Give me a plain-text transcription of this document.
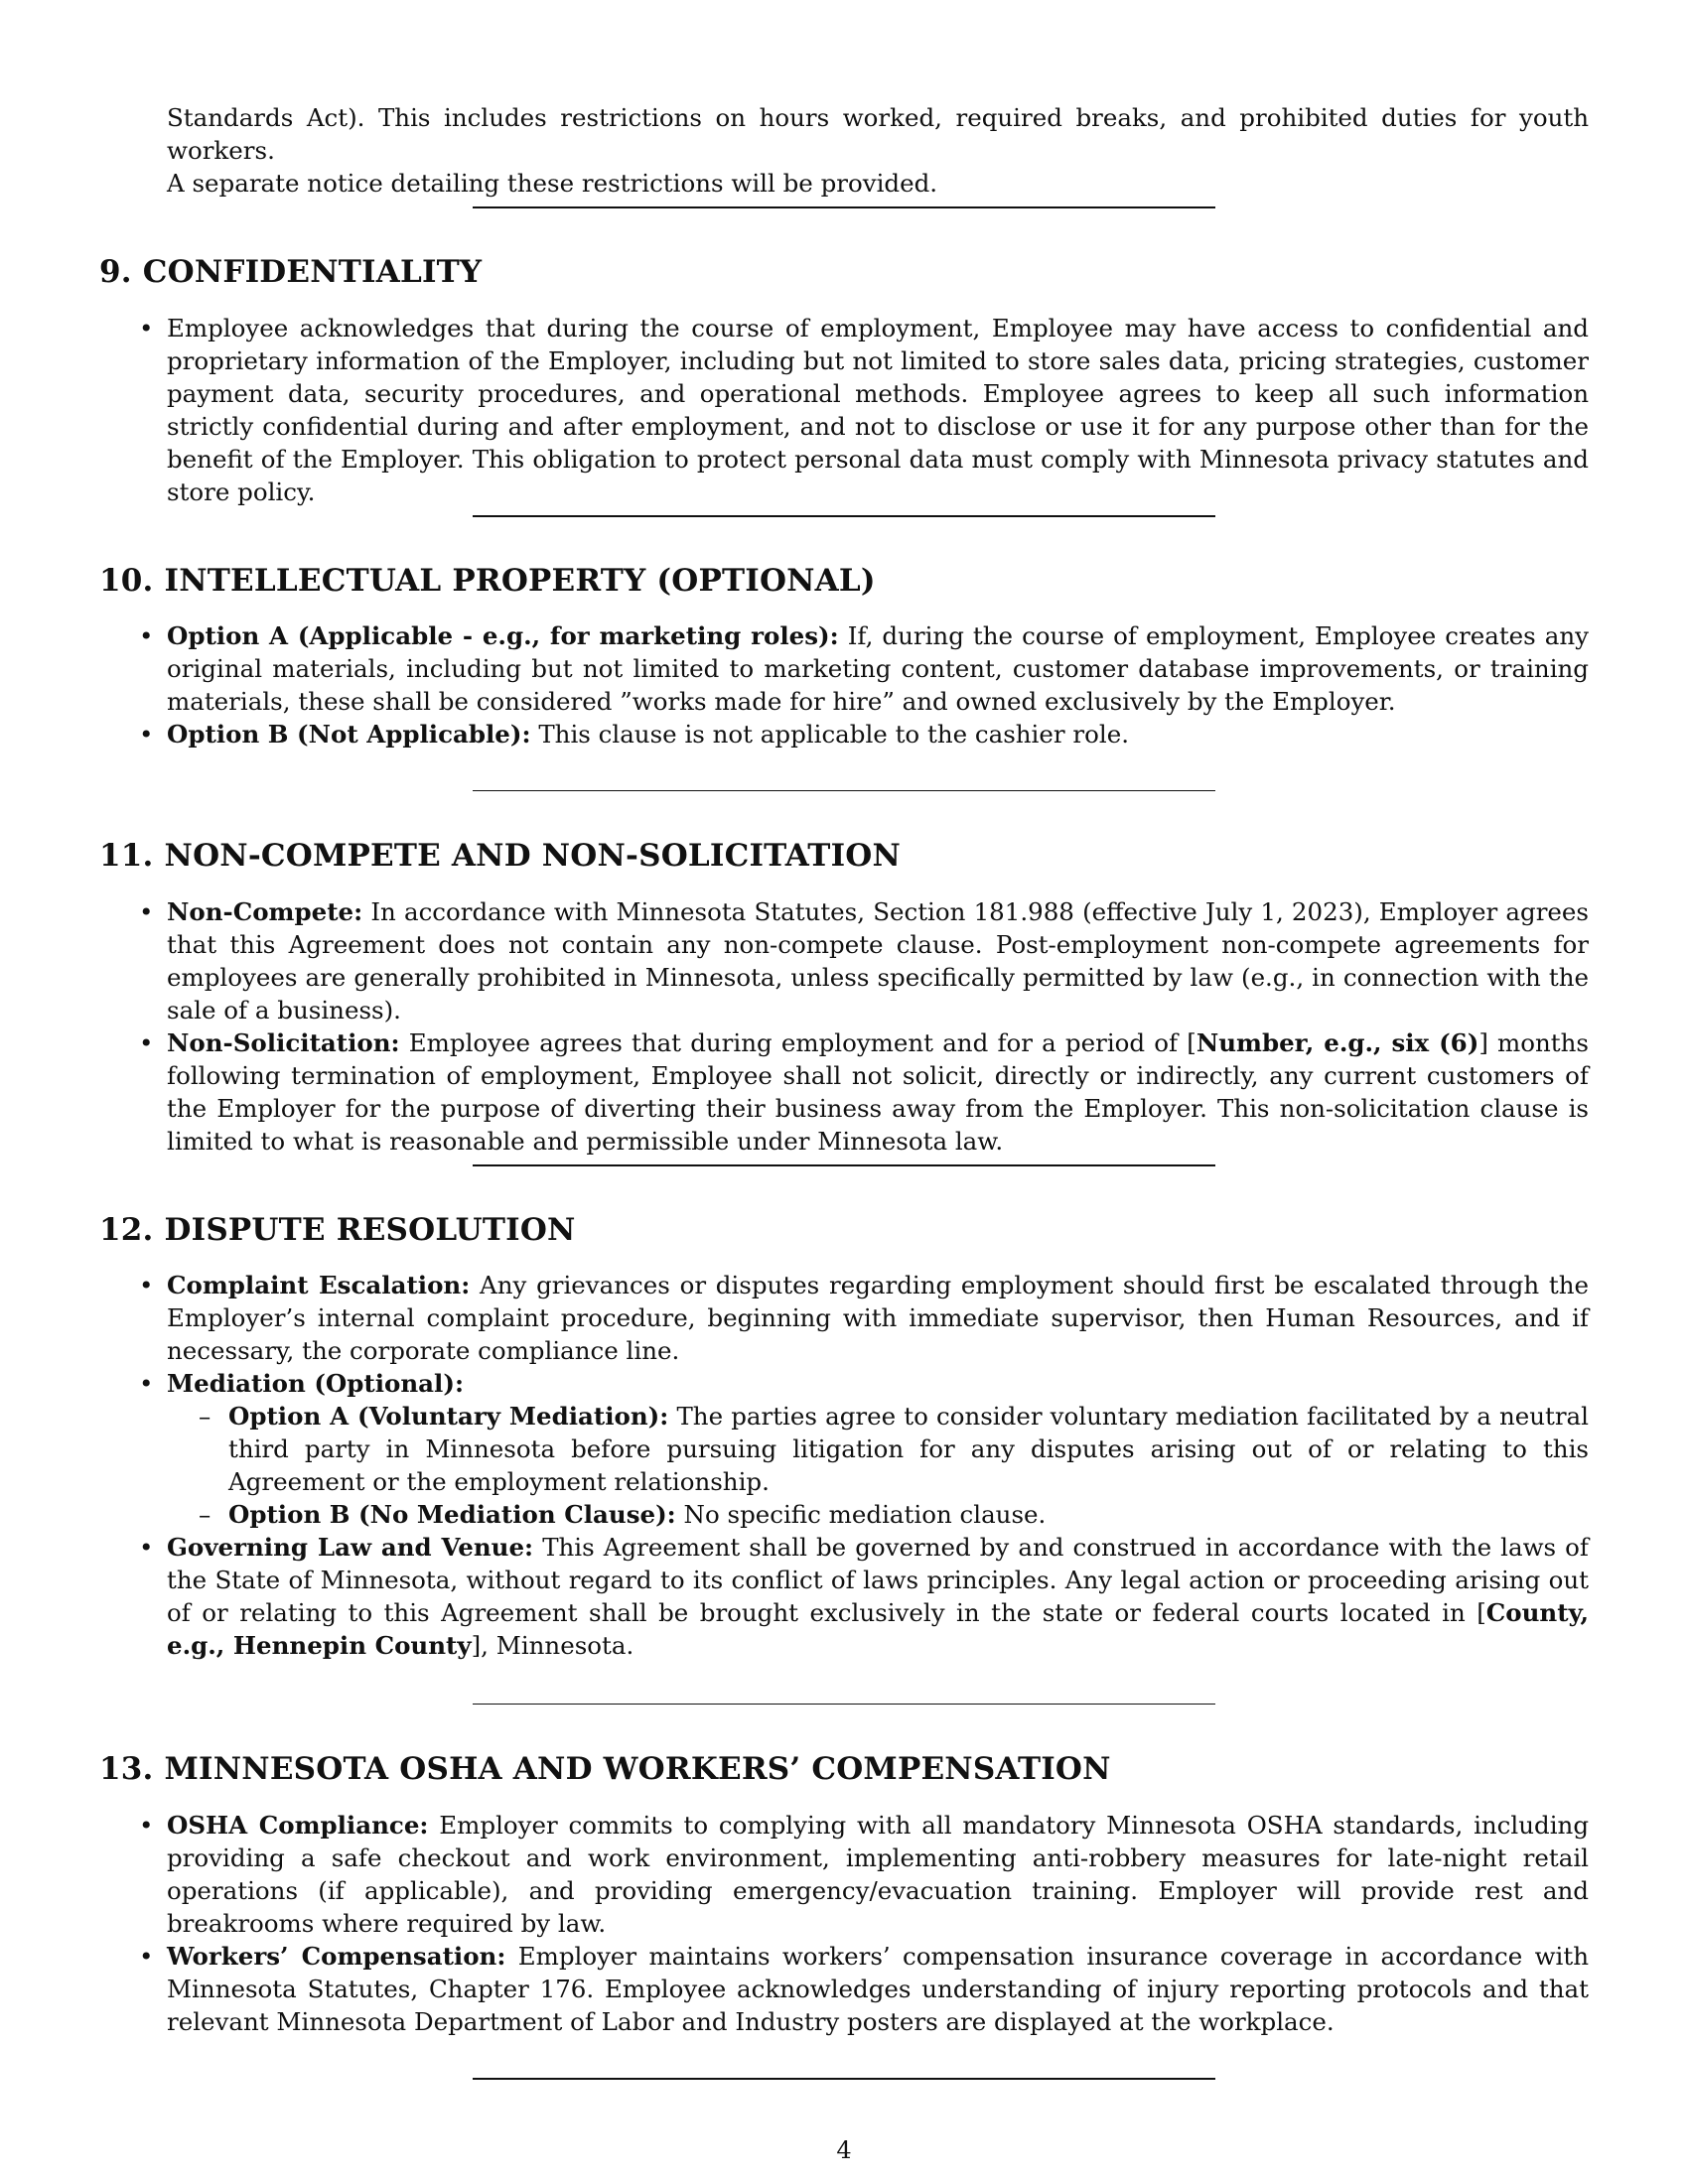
Standards Act). This includes restrictions on hours worked, required breaks, and prohibited duties for youth workers.

A separate notice detailing these restrictions will be provided.

9. CONFIDENTIALITY
• Employee acknowledges that during the course of employment, Employee may have access to confidential and proprietary information of the Employer, including but not limited to store sales data, pricing strategies, customer payment data, security procedures, and operational methods. Employee agrees to keep all such information strictly confidential during and after employment, and not to disclose or use it for any purpose other than for the benefit of the Employer. This obligation to protect personal data must comply with Minnesota privacy statutes and store policy.
10. INTELLECTUAL PROPERTY (OPTIONAL)
• Option A (Applicable - e.g., for marketing roles): If, during the course of employment, Employee creates any original materials, including but not limited to marketing content, customer database improvements, or training materials, these shall be considered ”works made for hire” and owned exclusively by the Employer.
• Option B (Not Applicable): This clause is not applicable to the cashier role.
11. NON-COMPETE AND NON-SOLICITATION
• Non-Compete: In accordance with Minnesota Statutes, Section 181.988 (effective July 1, 2023), Employer agrees that this Agreement does not contain any non-compete clause. Post-employment non-compete agreements for employees are generally prohibited in Minnesota, unless specifically permitted by law (e.g., in connection with the sale of a business).
• Non-Solicitation: Employee agrees that during employment and for a period of [Number, e.g., six (6)] months following termination of employment, Employee shall not solicit, directly or indirectly, any current customers of the Employer for the purpose of diverting their business away from the Employer. This non-solicitation clause is limited to what is reasonable and permissible under Minnesota law.
12. DISPUTE RESOLUTION
• Complaint Escalation: Any grievances or disputes regarding employment should first be escalated through the Employer’s internal complaint procedure, beginning with immediate supervisor, then Human Resources, and if necessary, the corporate compliance line.
• Mediation (Optional):
– Option A (Voluntary Mediation): The parties agree to consider voluntary mediation facilitated by a neutral third party in Minnesota before pursuing litigation for any disputes arising out of or relating to this Agreement or the employment relationship.
– Option B (No Mediation Clause): No specific mediation clause.
• Governing Law and Venue: This Agreement shall be governed by and construed in accordance with the laws of the State of Minnesota, without regard to its conflict of laws principles. Any legal action or proceeding arising out of or relating to this Agreement shall be brought exclusively in the state or federal courts located in [County, e.g., Hennepin County], Minnesota.
13. MINNESOTA OSHA AND WORKERS’ COMPENSATION
• OSHA Compliance: Employer commits to complying with all mandatory Minnesota OSHA standards, including providing a safe checkout and work environment, implementing anti-robbery measures for late-night retail operations (if applicable), and providing emergency/evacuation training. Employer will provide rest and breakrooms where required by law.
• Workers’ Compensation: Employer maintains workers’ compensation insurance coverage in accordance with Minnesota Statutes, Chapter 176. Employee acknowledges understanding of injury reporting protocols and that relevant Minnesota Department of Labor and Industry posters are displayed at the workplace.
4
